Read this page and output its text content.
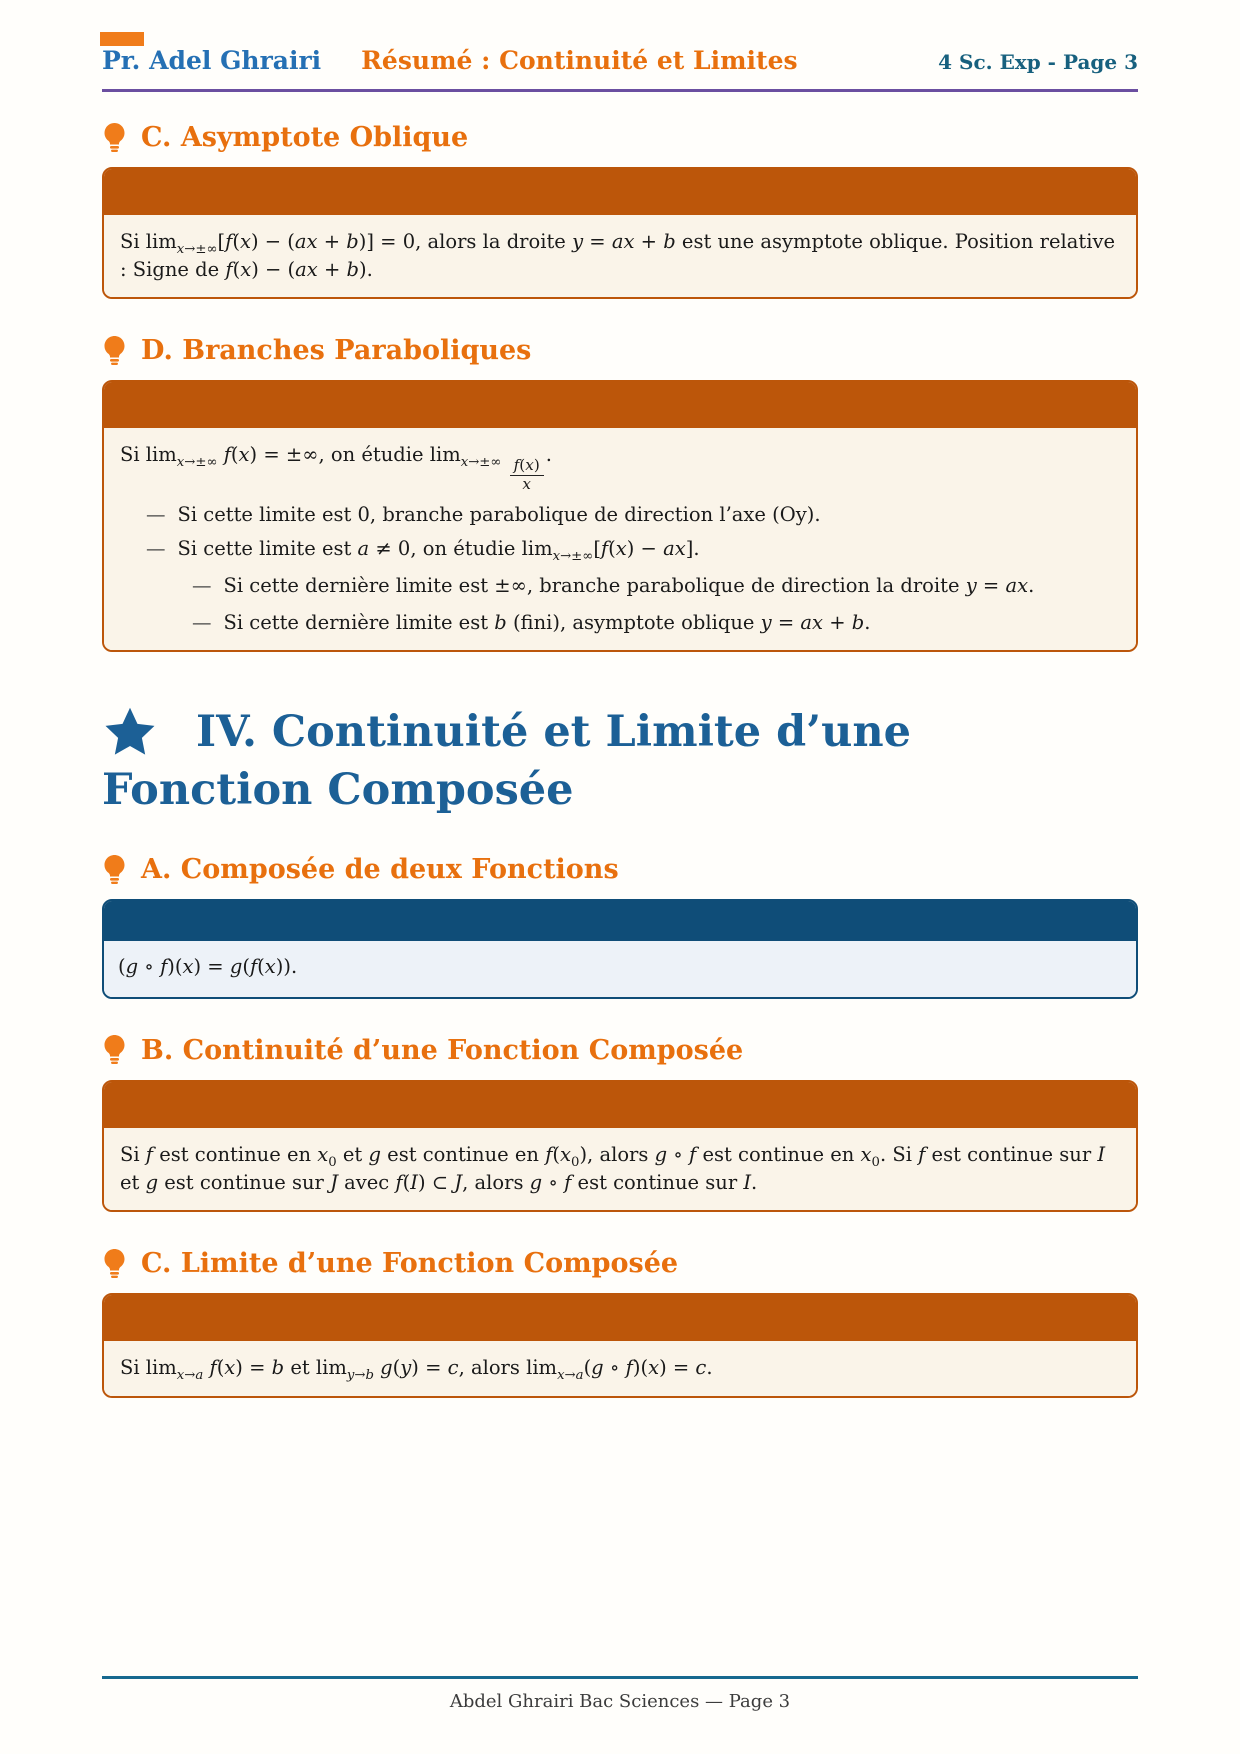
Pr. Adel Ghrairi Résumé : Continuité et Limites	4 Sc. Exp - Page 3
C. Asymptote Oblique
Si $\lim_{x\to\pm\infty}[f(x) - (ax + b)] = 0$, alors la droite y = ax + b est une asymptote oblique. Position relative : Signe de f(x) − (ax + b).
D. Branches Paraboliques
Si $\lim_{x\to\pm\infty} f(x)$ = ±∞, on étudie $\lim_{x\to\pm\infty} \frac{f(x)}{x}$
.
— Si cette limite est 0, branche parabolique de direction l’axe (Oy).
— Si cette limite est a ≠ 0, on étudie $\lim_{x\to\pm\infty}[f(x) - ax]$.
— Si cette dernière limite est ±∞, branche parabolique de direction la droite y = ax.
— Si cette dernière limite est b (fini), asymptote oblique y = ax + b.
IV. Continuité et Limite d’une
Fonction Composée
A. Composée de deux Fonctions
(g ∘ f)(x) = g(f(x)).
B. Continuité d’une Fonction Composée
Si f est continue en $x_0$ et g est continue en $f(x_0)$, alors g ∘ f est continue en $x_0$. Si f est continue sur I et g est continue sur J avec f(I) ⊂ J, alors g ∘ f est continue sur I.
C. Limite d’une Fonction Composée
Si $\lim_{x\to a} f(x) = b$ et $\lim_{y\to b} g(y) = c$, alors $\lim_{x\to a}(g$ ∘ f)(x) = c.
Abdel Ghrairi Bac Sciences — Page 3
